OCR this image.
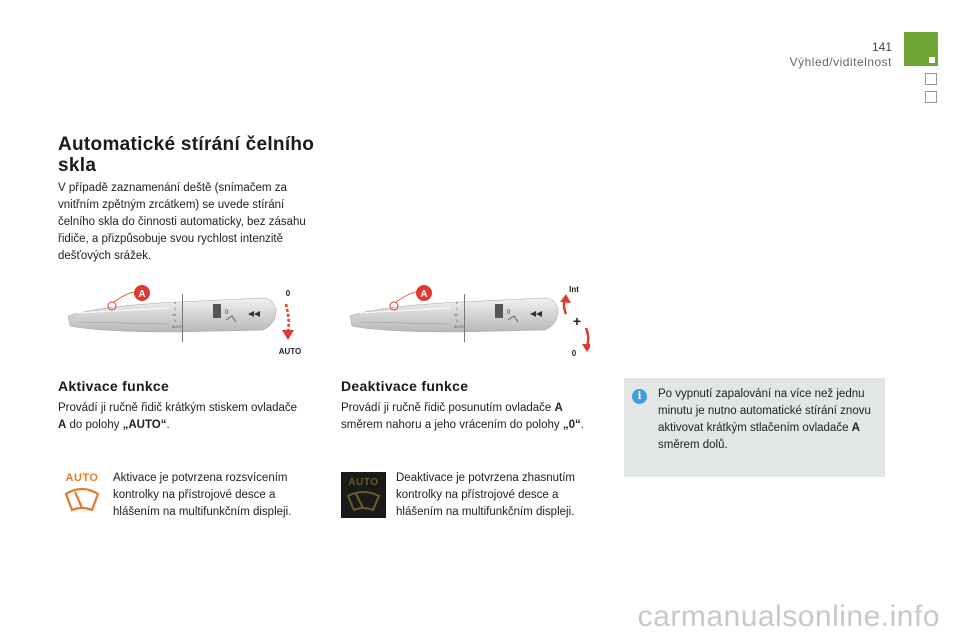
141
Výhled/viditelnost
Automatické stírání čelního skla

V případě zaznamenání deště (snímačem za vnitřním zpětným zrcátkem) se uvede stírání čelního skla do činnosti automaticky, bez zásahu řidiče, a přizpůsobuje svou rychlost intenzitě dešťových srážek.

2
1
Int
0
AUTO
0
A	0
AUTO
2
1
Int
0
AUTO
0
A	Int
+
0
Aktivace funkce

Provádí ji ručně řidič krátkým stiskem ovladače A do polohy „AUTO“.

AUTO	Aktivace je potvrzena rozsvícením kontrolky na přístrojové desce a hlášením na multifunkčním displeji.

Deaktivace funkce

Provádí ji ručně řidič posunutím ovladače A směrem nahoru a jeho vrácením do polohy „0“.

AUTO	Deaktivace je potvrzena zhasnutím kontrolky na přístrojové desce a hlášením na multifunkčním displeji.

i	Po vypnutí zapalování na více než jednu minutu je nutno automatické stírání znovu aktivovat krátkým stlačením ovladače A směrem dolů.

carmanualsonline.info
